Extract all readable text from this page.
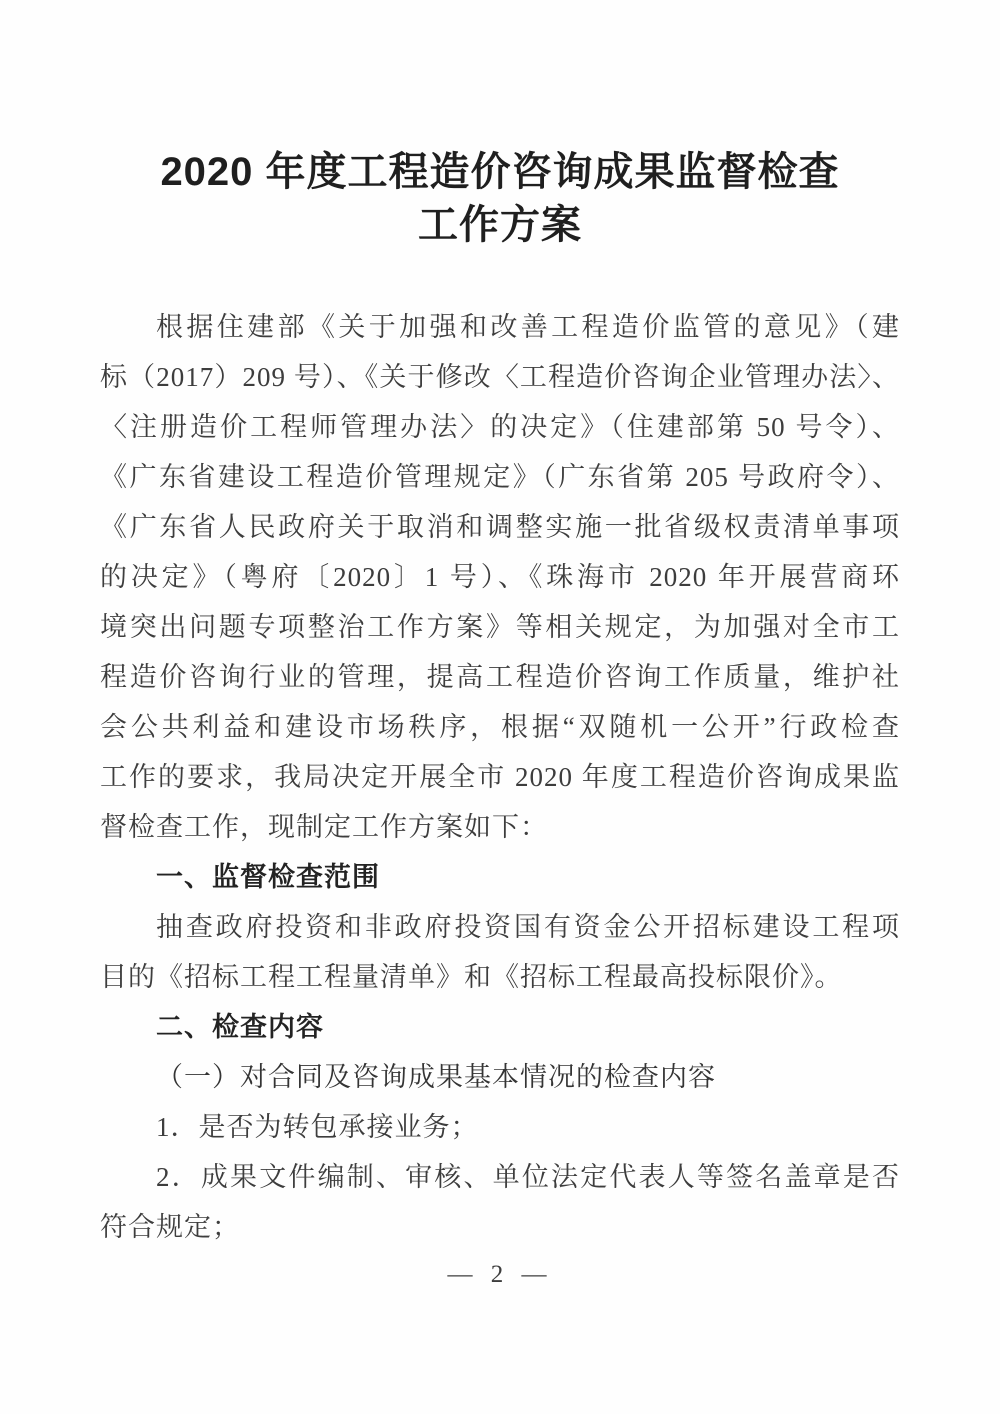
2020 年度工程造价咨询成果监督检查
工作方案
根据住建部《关于加强和改善工程造价监管的意见》（建
标（2017）209 号）、《关于修改〈工程造价咨询企业管理办法〉、
〈注册造价工程师管理办法〉的决定》（住建部第 50 号令）、
《广东省建设工程造价管理规定》（广东省第 205 号政府令）、
《广东省人民政府关于取消和调整实施一批省级权责清单事项
的决定》（粤府〔2020〕1 号）、《珠海市 2020 年开展营商环
境突出问题专项整治工作方案》等相关规定，为加强对全市工
程造价咨询行业的管理，提高工程造价咨询工作质量，维护社
会公共利益和建设市场秩序，根据“双随机一公开”行政检查
工作的要求，我局决定开展全市 2020 年度工程造价咨询成果监
督检查工作，现制定工作方案如下：
一、监督检查范围
抽查政府投资和非政府投资国有资金公开招标建设工程项
目的《招标工程工程量清单》和《招标工程最高投标限价》。
二、检查内容
（一）对合同及咨询成果基本情况的检查内容
1．是否为转包承接业务；
2．成果文件编制、审核、单位法定代表人等签名盖章是否
符合规定；
— 2 —
